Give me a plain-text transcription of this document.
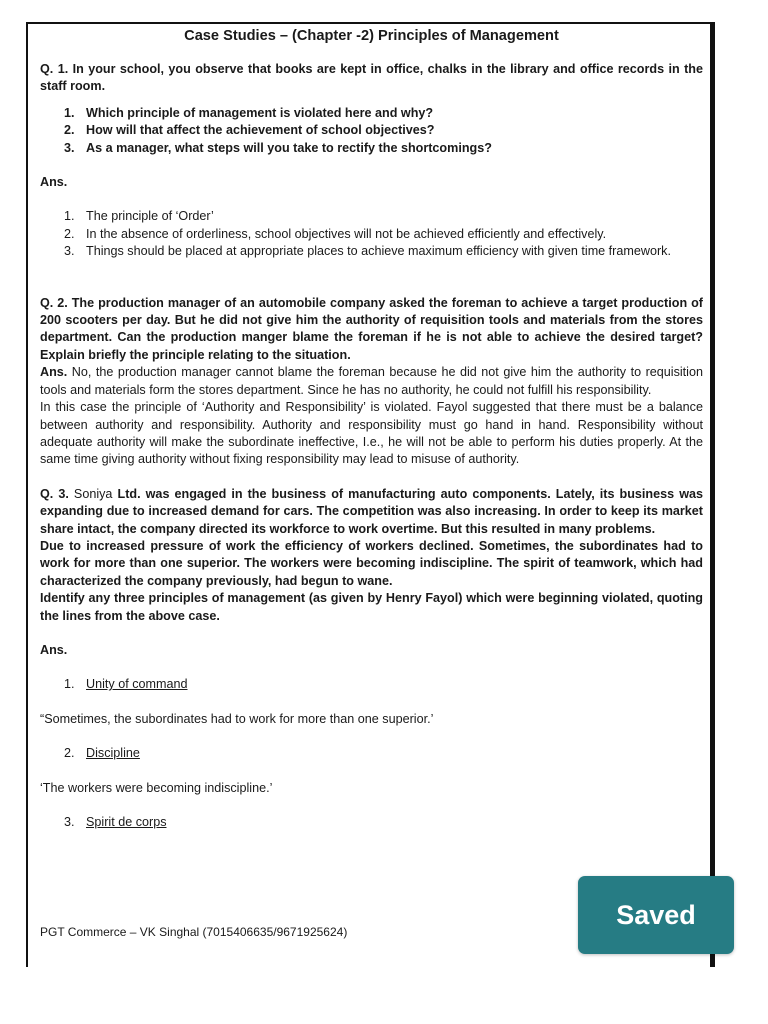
Case Studies – (Chapter -2) Principles of Management

Q. 1. In your school, you observe that books are kept in office, chalks in the library and office records in the staff room.

1. Which principle of management is violated here and why?
2. How will that affect the achievement of school objectives?
3. As a manager, what steps will you take to rectify the shortcomings?

Ans.

1. The principle of ‘Order’
2. In the absence of orderliness, school objectives will not be achieved efficiently and effectively.
3. Things should be placed at appropriate places to achieve maximum efficiency with given time framework.

Q. 2. The production manager of an automobile company asked the foreman to achieve a target production of 200 scooters per day. But he did not give him the authority of requisition tools and materials from the stores department. Can the production manger blame the foreman if he is not able to achieve the desired target? Explain briefly the principle relating to the situation.

Ans. No, the production manager cannot blame the foreman because he did not give him the authority to requisition tools and materials form the stores department. Since he has no authority, he could not fulfill his responsibility.

In this case the principle of ‘Authority and Responsibility’ is violated. Fayol suggested that there must be a balance between authority and responsibility. Authority and responsibility must go hand in hand. Responsibility without adequate authority will make the subordinate ineffective, I.e., he will not be able to perform his duties properly. At the same time giving authority without fixing responsibility may lead to misuse of authority.

Q. 3. Soniya Ltd. was engaged in the business of manufacturing auto components. Lately, its business was expanding due to increased demand for cars. The competition was also increasing. In order to keep its market share intact, the company directed its workforce to work overtime. But this resulted in many problems.

Due to increased pressure of work the efficiency of workers declined. Sometimes, the subordinates had to work for more than one superior. The workers were becoming indiscipline. The spirit of teamwork, which had characterized the company previously, had begun to wane.

Identify any three principles of management (as given by Henry Fayol) which were beginning violated, quoting the lines from the above case.

Ans.

1. Unity of command

“Sometimes, the subordinates had to work for more than one superior.’

2. Discipline

‘The workers were becoming indiscipline.’

3. Spirit de corps
PGT Commerce – VK Singhal (7015406635/9671925624)
Saved
